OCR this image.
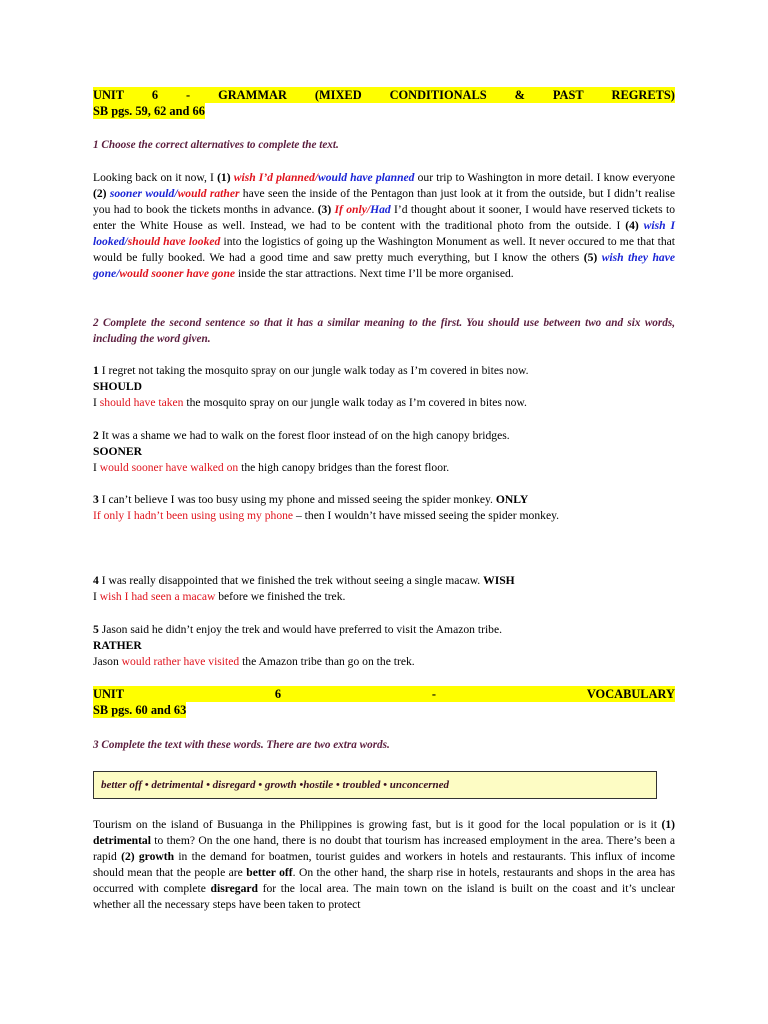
UNIT 6 - GRAMMAR (MIXED CONDITIONALS & PAST REGRETS)
SB pgs. 59, 62 and 66
1 Choose the correct alternatives to complete the text.
Looking back on it now, I (1) wish I’d planned/would have planned our trip to Washington in more detail. I know everyone (2) sooner would/would rather have seen the inside of the Pentagon than just look at it from the outside, but I didn’t realise you had to book the tickets months in advance. (3) If only/Had I’d thought about it sooner, I would have reserved tickets to enter the White House as well. Instead, we had to be content with the traditional photo from the outside. I (4) wish I looked/should have looked into the logistics of going up the Washington Monument as well. It never occured to me that that would be fully booked. We had a good time and saw pretty much everything, but I know the others (5) wish they have gone/would sooner have gone inside the star attractions. Next time I’ll be more organised.
2 Complete the second sentence so that it has a similar meaning to the first. You should use between two and six words, including the word given.
1 I regret not taking the mosquito spray on our jungle walk today as I’m covered in bites now.
SHOULD
I should have taken the mosquito spray on our jungle walk today as I’m covered in bites now.
2 It was a shame we had to walk on the forest floor instead of on the high canopy bridges.
SOONER
I would sooner have walked on the high canopy bridges than the forest floor.
3 I can’t believe I was too busy using my phone and missed seeing the spider monkey. ONLY
If only I hadn’t been using using my phone – then I wouldn’t have missed seeing the spider monkey.
4 I was really disappointed that we finished the trek without seeing a single macaw. WISH
I wish I had seen a macaw before we finished the trek.
5 Jason said he didn’t enjoy the trek and would have preferred to visit the Amazon tribe.
RATHER
Jason would rather have visited the Amazon tribe than go on the trek.
UNIT	6	-	VOCABULARY
SB pgs. 60 and 63
3 Complete the text with these words. There are two extra words.
better off • detrimental • disregard • growth •hostile • troubled • unconcerned
Tourism on the island of Busuanga in the Philippines is growing fast, but is it good for the local population or is it (1) detrimental to them? On the one hand, there is no doubt that tourism has increased employment in the area. There’s been a rapid (2) growth in the demand for boatmen, tourist guides and workers in hotels and restaurants. This influx of income should mean that the people are better off. On the other hand, the sharp rise in hotels, restaurants and shops in the area has occurred with complete disregard for the local area. The main town on the island is built on the coast and it’s unclear whether all the necessary steps have been taken to protect
